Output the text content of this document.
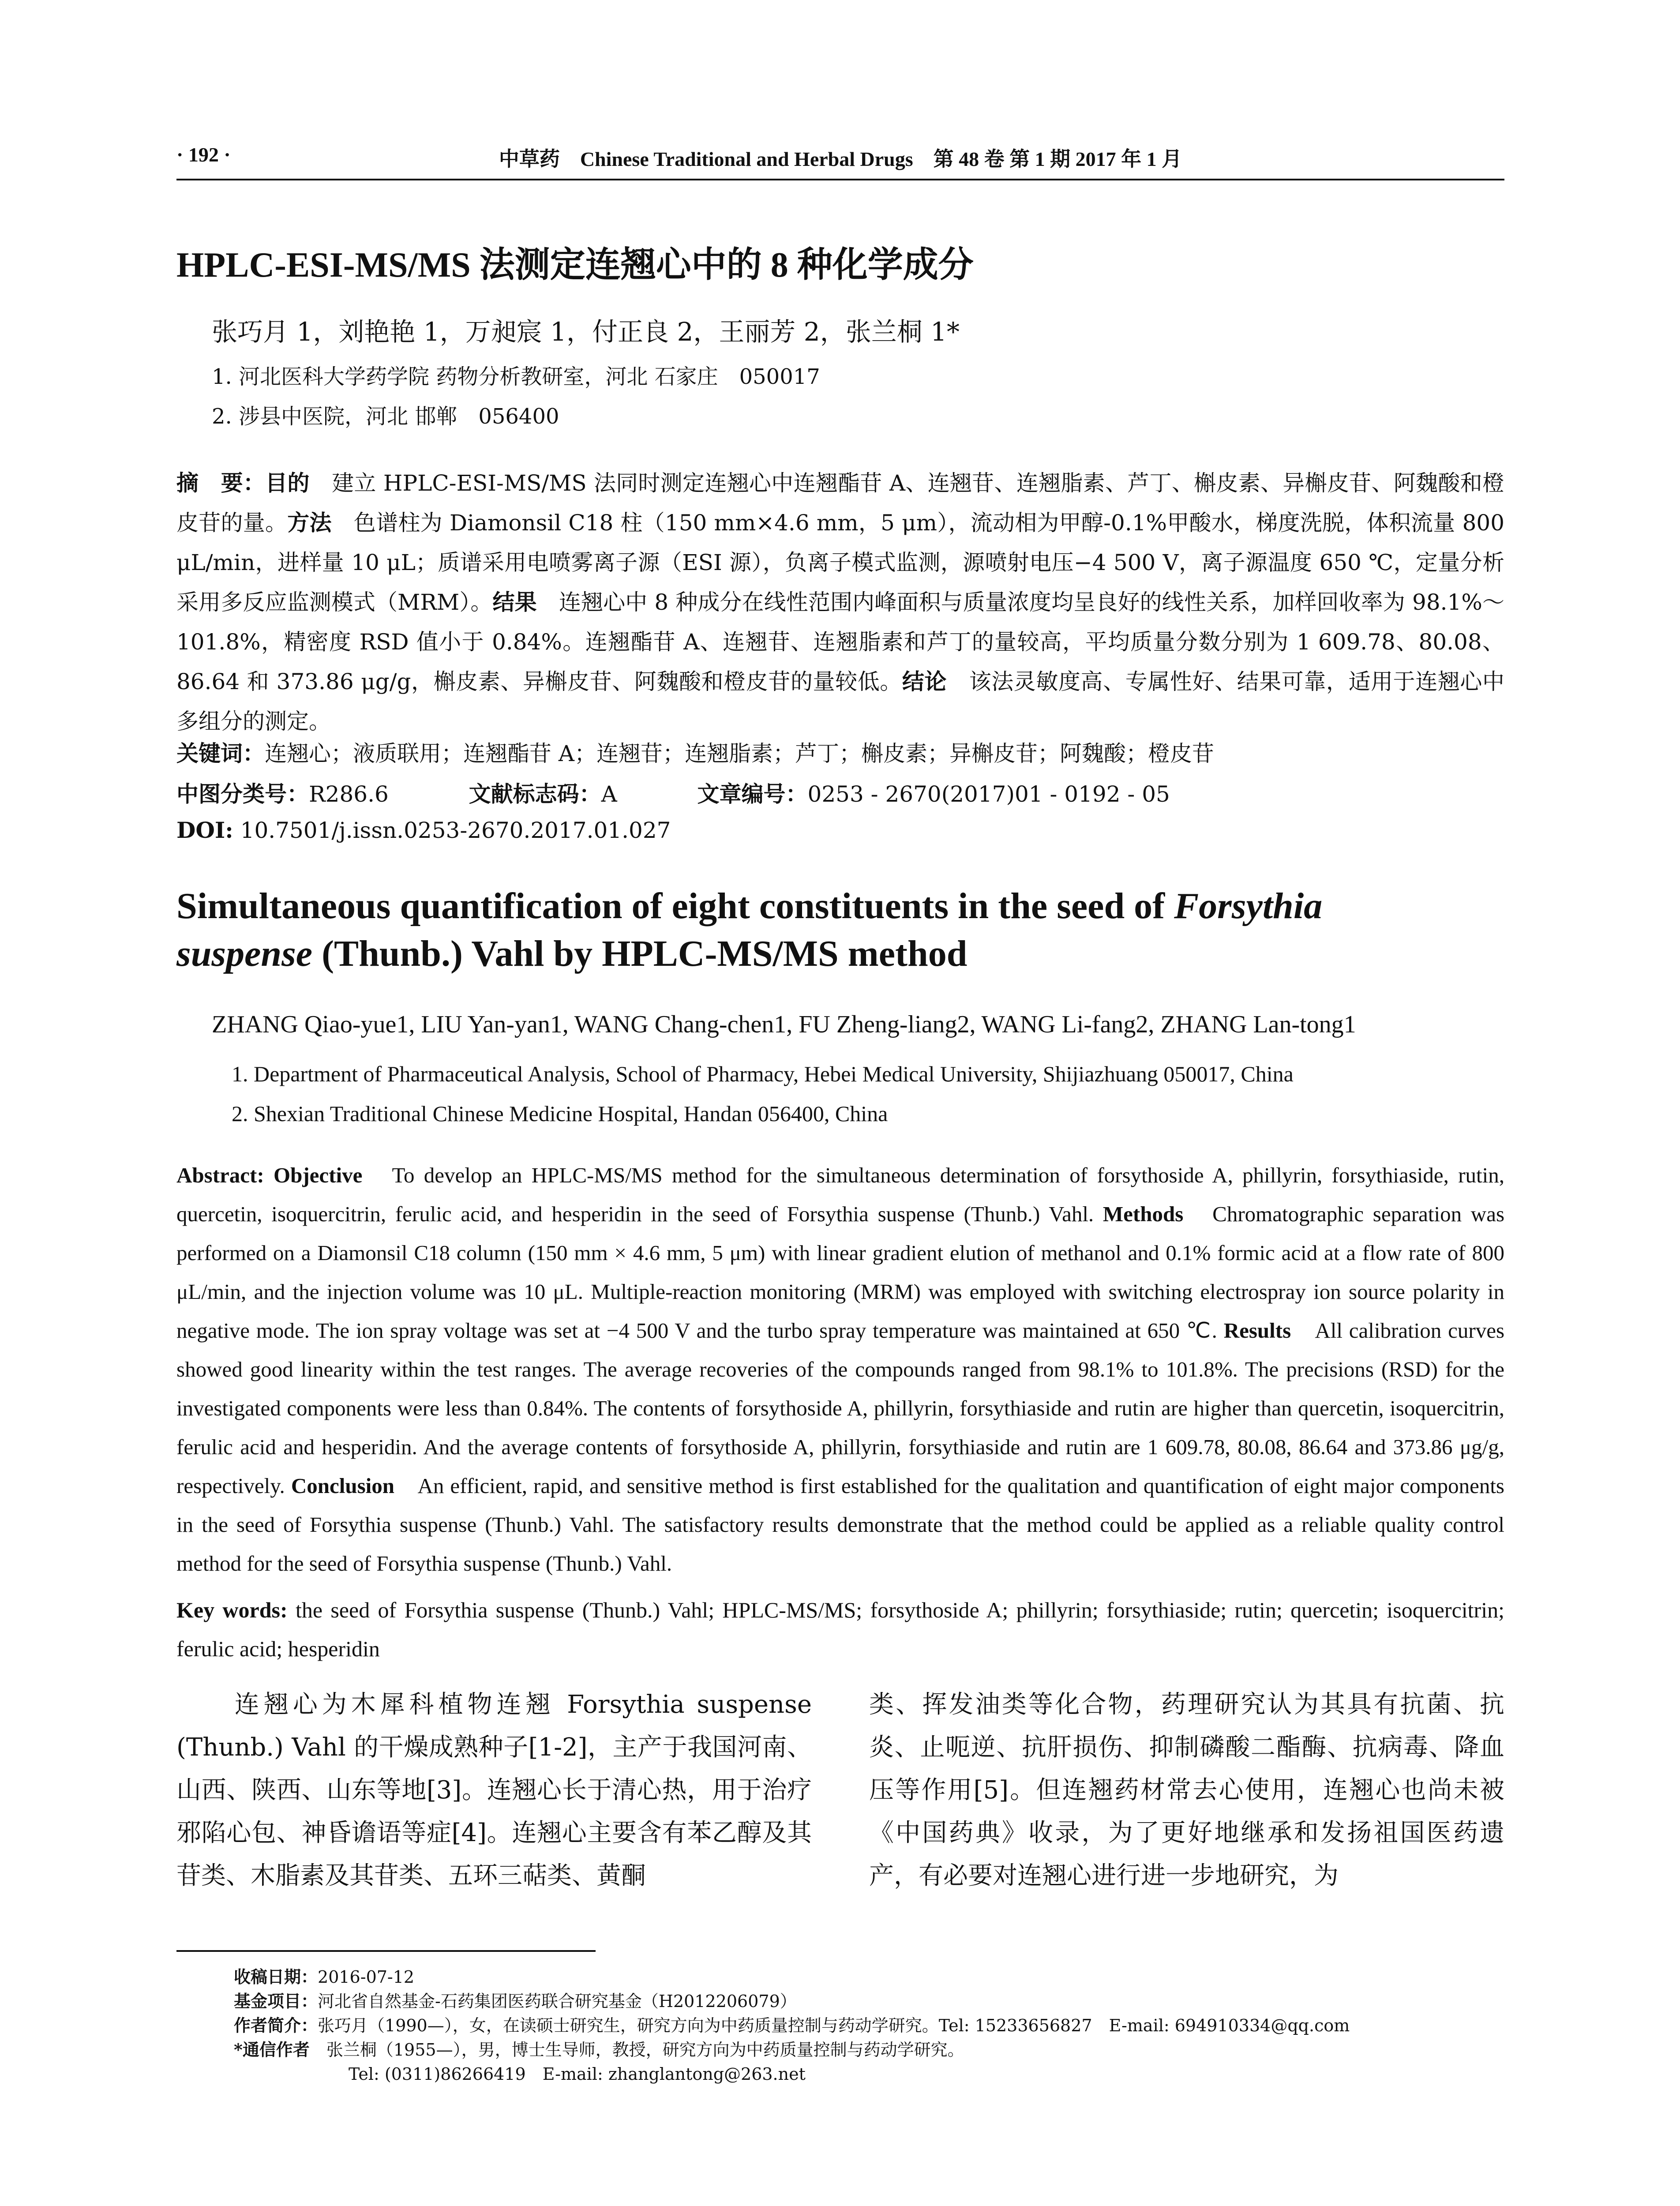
· 192 ·	中草药　Chinese Traditional and Herbal Drugs　第 48 卷 第 1 期 2017 年 1 月
HPLC-ESI-MS/MS 法测定连翘心中的 8 种化学成分
张巧月 1，刘艳艳 1，万昶宸 1，付正良 2，王丽芳 2，张兰桐 1*
1. 河北医科大学药学院 药物分析教研室，河北 石家庄　050017
2. 涉县中医院，河北 邯郸　056400
摘　要：目的　建立 HPLC-ESI-MS/MS 法同时测定连翘心中连翘酯苷 A、连翘苷、连翘脂素、芦丁、槲皮素、异槲皮苷、阿魏酸和橙皮苷的量。方法　色谱柱为 Diamonsil C18 柱（150 mm×4.6 mm，5 μm），流动相为甲醇-0.1%甲酸水，梯度洗脱，体积流量 800 μL/min，进样量 10 μL；质谱采用电喷雾离子源（ESI 源），负离子模式监测，源喷射电压−4 500 V，离子源温度 650 ℃，定量分析采用多反应监测模式（MRM）。结果　连翘心中 8 种成分在线性范围内峰面积与质量浓度均呈良好的线性关系，加样回收率为 98.1%～101.8%，精密度 RSD 值小于 0.84%。连翘酯苷 A、连翘苷、连翘脂素和芦丁的量较高，平均质量分数分别为 1 609.78、80.08、86.64 和 373.86 μg/g，槲皮素、异槲皮苷、阿魏酸和橙皮苷的量较低。结论　该法灵敏度高、专属性好、结果可靠，适用于连翘心中多组分的测定。
关键词：连翘心；液质联用；连翘酯苷 A；连翘苷；连翘脂素；芦丁；槲皮素；异槲皮苷；阿魏酸；橙皮苷
中图分类号：R286.6	文献标志码：A	文章编号：0253 - 2670(2017)01 - 0192 - 05
DOI: 10.7501/j.issn.0253-2670.2017.01.027
Simultaneous quantification of eight constituents in the seed of Forsythia
suspense (Thunb.) Vahl by HPLC-MS/MS method
ZHANG Qiao-yue1, LIU Yan-yan1, WANG Chang-chen1, FU Zheng-liang2, WANG Li-fang2, ZHANG Lan-tong1
1. Department of Pharmaceutical Analysis, School of Pharmacy, Hebei Medical University, Shijiazhuang 050017, China
2. Shexian Traditional Chinese Medicine Hospital, Handan 056400, China
Abstract: Objective　To develop an HPLC-MS/MS method for the simultaneous determination of forsythoside A, phillyrin, forsythiaside, rutin, quercetin, isoquercitrin, ferulic acid, and hesperidin in the seed of Forsythia suspense (Thunb.) Vahl. Methods　Chromatographic separation was performed on a Diamonsil C18 column (150 mm × 4.6 mm, 5 μm) with linear gradient elution of methanol and 0.1% formic acid at a flow rate of 800 μL/min, and the injection volume was 10 μL. Multiple-reaction monitoring (MRM) was employed with switching electrospray ion source polarity in negative mode. The ion spray voltage was set at −4 500 V and the turbo spray temperature was maintained at 650 ℃. Results　All calibration curves showed good linearity within the test ranges. The average recoveries of the compounds ranged from 98.1% to 101.8%. The precisions (RSD) for the investigated components were less than 0.84%. The contents of forsythoside A, phillyrin, forsythiaside and rutin are higher than quercetin, isoquercitrin, ferulic acid and hesperidin. And the average contents of forsythoside A, phillyrin, forsythiaside and rutin are 1 609.78, 80.08, 86.64 and 373.86 μg/g, respectively. Conclusion　An efficient, rapid, and sensitive method is first established for the qualitation and quantification of eight major components in the seed of Forsythia suspense (Thunb.) Vahl. The satisfactory results demonstrate that the method could be applied as a reliable quality control method for the seed of Forsythia suspense (Thunb.) Vahl.
Key words: the seed of Forsythia suspense (Thunb.) Vahl; HPLC-MS/MS; forsythoside A; phillyrin; forsythiaside; rutin; quercetin; isoquercitrin; ferulic acid; hesperidin

　　连翘心为木犀科植物连翘 Forsythia suspense (Thunb.) Vahl 的干燥成熟种子[1-2]，主产于我国河南、山西、陕西、山东等地[3]。连翘心长于清心热，用于治疗邪陷心包、神昏谵语等症[4]。连翘心主要含有苯乙醇及其苷类、木脂素及其苷类、五环三萜类、黄酮

类、挥发油类等化合物，药理研究认为其具有抗菌、抗炎、止呃逆、抗肝损伤、抑制磷酸二酯酶、抗病毒、降血压等作用[5]。但连翘药材常去心使用，连翘心也尚未被《中国药典》收录，为了更好地继承和发扬祖国医药遗产，有必要对连翘心进行进一步地研究，为

收稿日期：2016-07-12
基金项目：河北省自然基金-石药集团医药联合研究基金（H2012206079）
作者简介：张巧月（1990—），女，在读硕士研究生，研究方向为中药质量控制与药动学研究。Tel: 15233656827　E-mail: 694910334@qq.com
*通信作者　张兰桐（1955—），男，博士生导师，教授，研究方向为中药质量控制与药动学研究。
Tel: (0311)86266419　E-mail: zhanglantong@263.net
